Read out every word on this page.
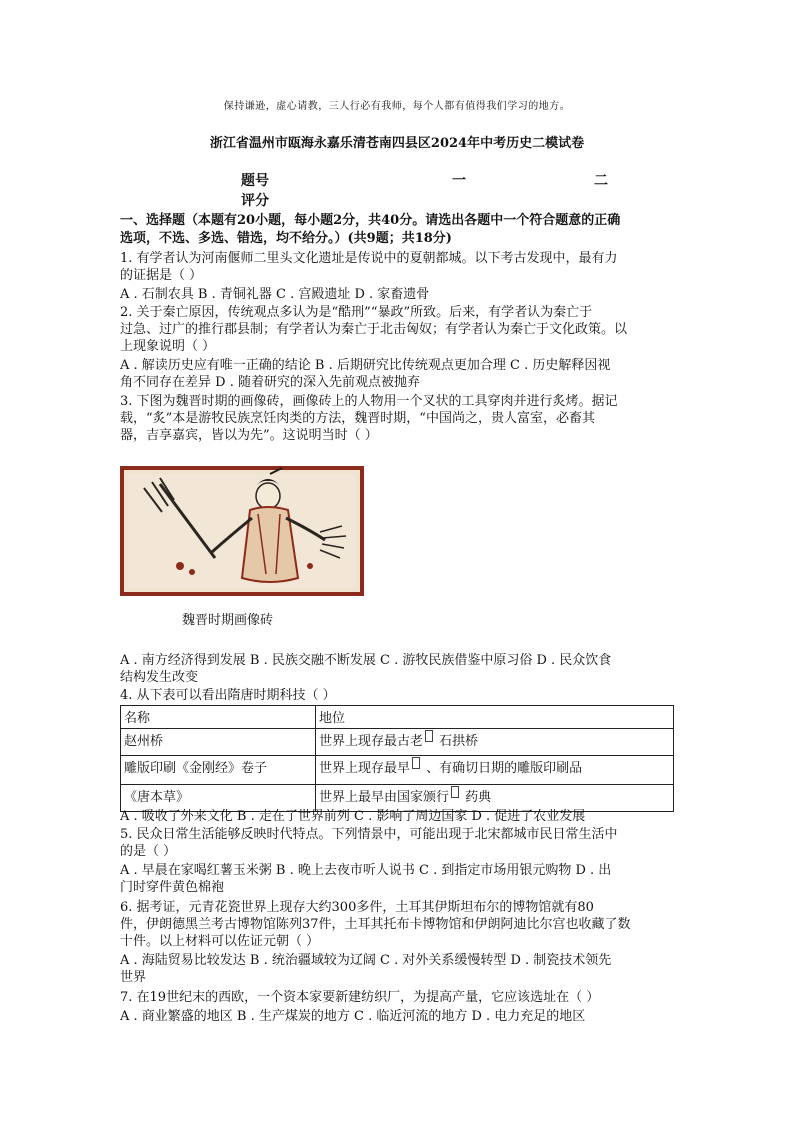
保持谦逊，虚心请教，三人行必有我师，每个人都有值得我们学习的地方。
浙江省温州市瓯海永嘉乐清苍南四县区2024年中考历史二模试卷
题号	一	二
评分
一、选择题（本题有20小题，每小题2分，共40分。请选出各题中一个符合题意的正确
选项，不选、多选、错选，均不给分。）(共9题；共18分)
1. 有学者认为河南偃师二里头文化遗址是传说中的夏朝都城。以下考古发现中，最有力
的证据是（ ）
A . 石制农具 B . 青铜礼器 C . 宫殿遗址 D . 家畜遗骨
2. 关于秦亡原因，传统观点多认为是“酷刑”“暴政”所致。后来，有学者认为秦亡于
过急、过广的推行郡县制；有学者认为秦亡于北击匈奴；有学者认为秦亡于文化政策。以
上现象说明（ ）
A . 解读历史应有唯一正确的结论 B . 后期研究比传统观点更加合理 C . 历史解释因视
角不同存在差异 D . 随着研究的深入先前观点被抛弃
3. 下图为魏晋时期的画像砖，画像砖上的人物用一个叉状的工具穿肉并进行炙烤。据记
载，“炙”本是游牧民族烹饪肉类的方法，魏晋时期，“中国尚之，贵人富室，必畜其
器，吉享嘉宾，皆以为先”。这说明当时（ ）
魏晋时期画像砖
A . 南方经济得到发展 B . 民族交融不断发展 C . 游牧民族借鉴中原习俗 D . 民众饮食
结构发生改变
4. 从下表可以看出隋唐时期科技（ ）
名称	地位
赵州桥	世界上现存最古老 石拱桥
雕版印刷《金刚经》卷子	世界上现存最早 、有确切日期的雕版印刷品
《唐本草》	世界上最早由国家颁行 药典
A . 吸收了外来文化 B . 走在了世界前列 C . 影响了周边国家 D . 促进了农业发展
5. 民众日常生活能够反映时代特点。下列情景中，可能出现于北宋都城市民日常生活中
的是（ ）
A . 早晨在家喝红薯玉米粥 B . 晚上去夜市听人说书 C . 到指定市场用银元购物 D . 出
门时穿件黄色棉袍
6. 据考证，元青花瓷世界上现存大约300多件，土耳其伊斯坦布尔的博物馆就有80
件，伊朗德黑兰考古博物馆陈列37件，土耳其托布卡博物馆和伊朗阿迪比尔宫也收藏了数
十件。以上材料可以佐证元朝（ ）
A . 海陆贸易比较发达 B . 统治疆域较为辽阔 C . 对外关系缓慢转型 D . 制瓷技术领先
世界
7. 在19世纪末的西欧，一个资本家要新建纺织厂，为提高产量，它应该选址在（ ）
A . 商业繁盛的地区 B . 生产煤炭的地方 C . 临近河流的地方 D . 电力充足的地区
